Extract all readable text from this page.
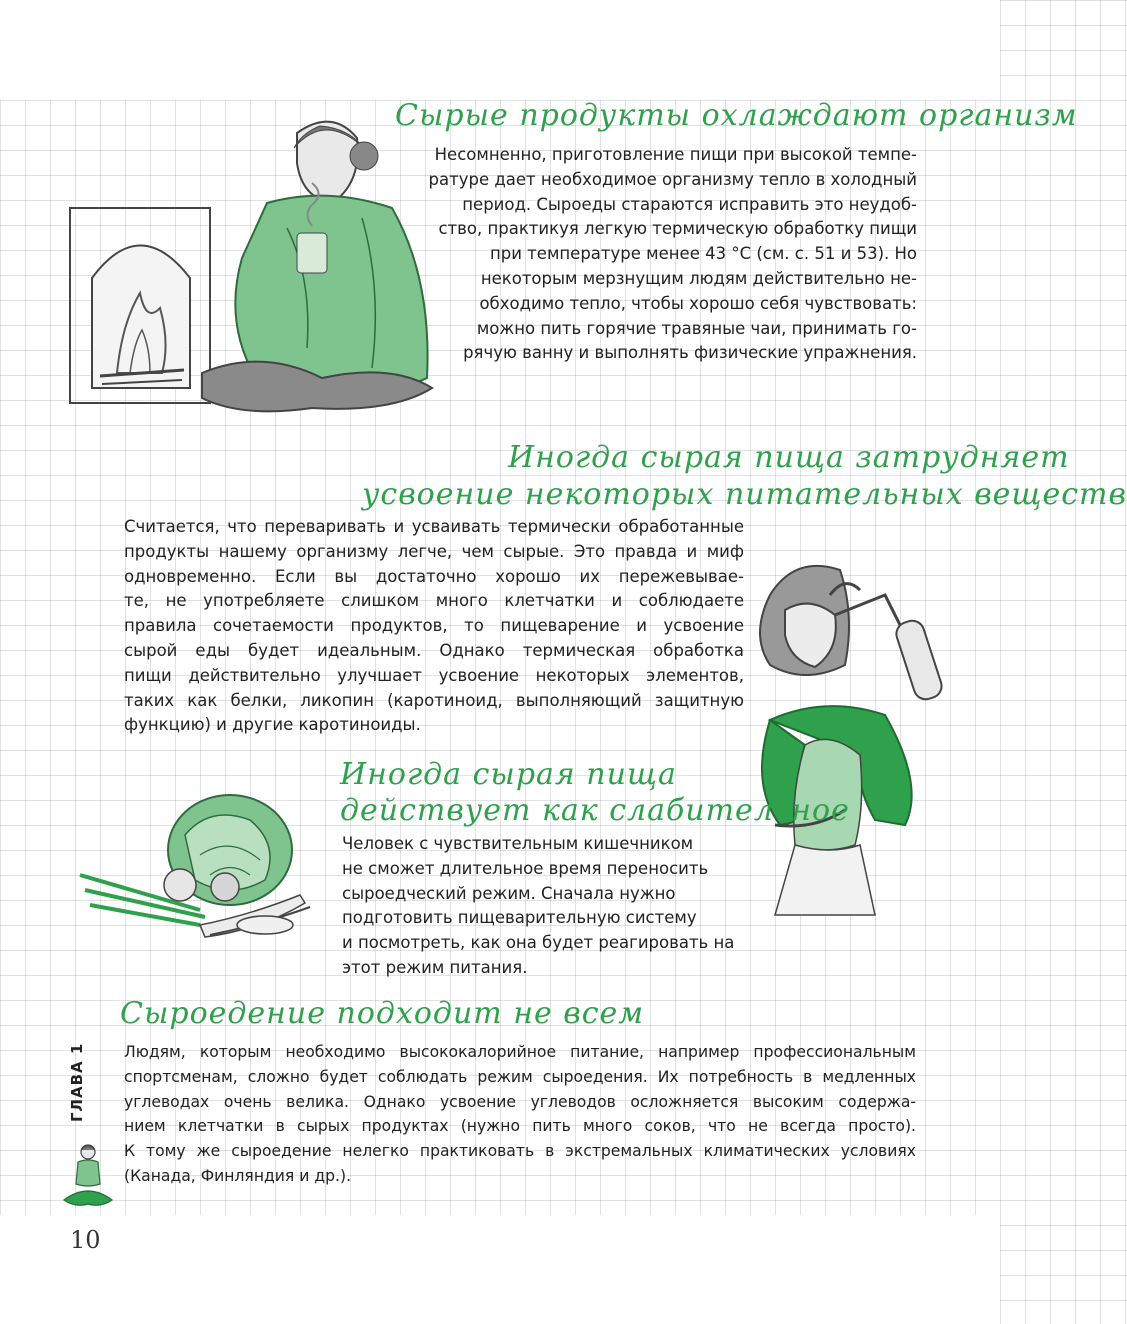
Сырые продукты охлаждают организм
Несомненно, приготовление пищи при высокой темпе-
ратуре дает необходимое организму тепло в холодный
период. Сыроеды стараются исправить это неудоб-
ство, практикуя легкую термическую обработку пищи
при температуре менее 43 °С (см. с. 51 и 53). Но
некоторым мерзнущим людям действительно не-
обходимо тепло, чтобы хорошо себя чувствовать:
можно пить горячие травяные чаи, принимать го-
рячую ванну и выполнять физические упражнения.
Иногда сырая пища затрудняет
усвоение некоторых питательных веществ
Считается, что переваривать и усваивать термически обработанные
продукты нашему организму легче, чем сырые. Это правда и миф
одновременно. Если вы достаточно хорошо их пережевывае-
те, не употребляете слишком много клетчатки и соблюдаете
правила сочетаемости продуктов, то пищеварение и усвоение
сырой еды будет идеальным. Однако термическая обработка
пищи действительно улучшает усвоение некоторых элементов,
таких как белки, ликопин (каротиноид, выполняющий защитную
функцию) и другие каротиноиды.
Иногда сырая пища
действует как слабительное
Человек с чувствительным кишечником
не сможет длительное время переносить
сыроедческий режим. Сначала нужно
подготовить пищеварительную систему
и посмотреть, как она будет реагировать на
этот режим питания.
Сыроедение подходит не всем
Людям, которым необходимо высококалорийное питание, например профессиональным
спортсменам, сложно будет соблюдать режим сыроедения. Их потребность в медленных
углеводах очень велика. Однако усвоение углеводов осложняется высоким содержа-
нием клетчатки в сырых продуктах (нужно пить много соков, что не всегда просто).
К тому же сыроедение нелегко практиковать в экстремальных климатических условиях
(Канада, Финляндия и др.).
ГЛАВА 1
10
